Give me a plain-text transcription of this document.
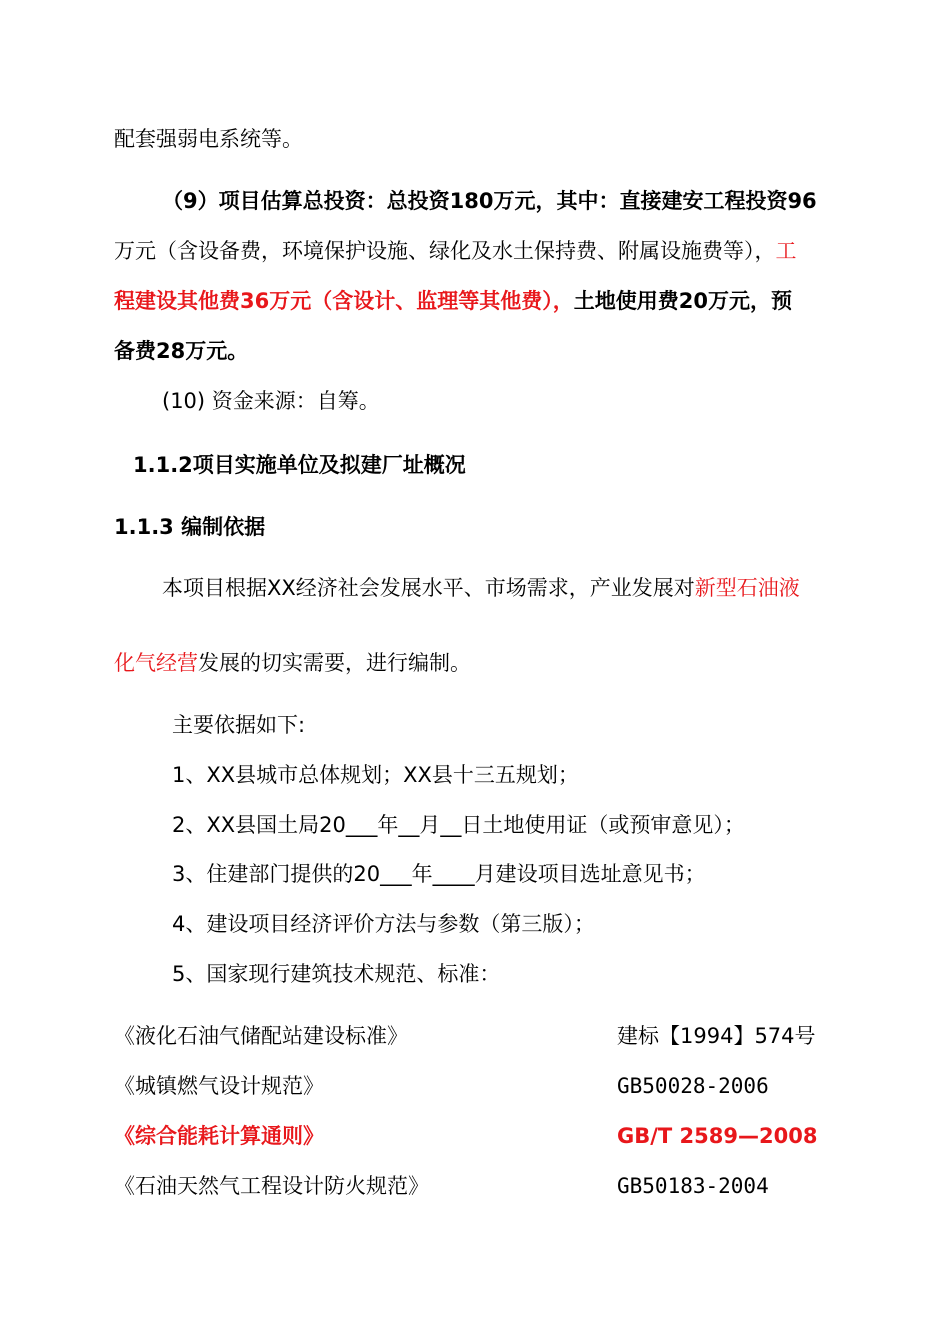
配套强弱电系统等。
（9）项目估算总投资：总投资180万元，其中：直接建安工程投资96
万元（含设备费，环境保护设施、绿化及水土保持费、附属设施费等），工
程建设其他费36万元（含设计、监理等其他费），土地使用费20万元，预
备费28万元。
(10) 资金来源：自筹。
1.1.2项目实施单位及拟建厂址概况
1.1.3 编制依据
本项目根据XX经济社会发展水平、市场需求，产业发展对新型石油液
化气经营发展的切实需要，进行编制。
主要依据如下:
1、XX县城市总体规划；XX县十三五规划；
2、XX县国土局20___年__月__日土地使用证（或预审意见）；
3、住建部门提供的20___年____月建设项目选址意见书；
4、建设项目经济评价方法与参数（第三版）；
5、国家现行建筑技术规范、标准：
《液化石油气储配站建设标准》	建标【1994】574号
《城镇燃气设计规范》	GB50028-2006
《综合能耗计算通则》	GB/T 2589—2008
《石油天然气工程设计防火规范》	GB50183-2004
